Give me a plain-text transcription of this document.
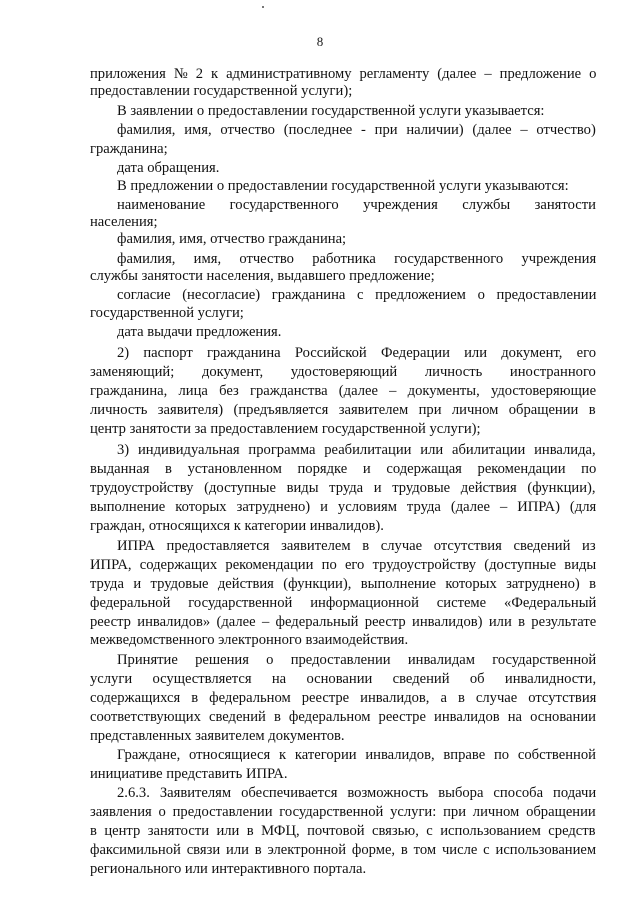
8
приложения № 2 к административному регламенту (далее – предложение о
предоставлении государственной услуги);
В заявлении о предоставлении государственной услуги указывается:
фамилия, имя, отчество (последнее - при наличии) (далее – отчество)
гражданина;
дата обращения.
В предложении о предоставлении государственной услуги указываются:
наименование государственного учреждения службы занятости
населения;
фамилия, имя, отчество гражданина;
фамилия, имя, отчество работника государственного учреждения
службы занятости населения, выдавшего предложение;
согласие (несогласие) гражданина с предложением о предоставлении
государственной услуги;
дата выдачи предложения.
2) паспорт гражданина Российской Федерации или документ, его
заменяющий; документ, удостоверяющий личность иностранного
гражданина, лица без гражданства (далее – документы, удостоверяющие
личность заявителя) (предъявляется заявителем при личном обращении в
центр занятости за предоставлением государственной услуги);
3) индивидуальная программа реабилитации или абилитации инвалида,
выданная в установленном порядке и содержащая рекомендации по
трудоустройству (доступные виды труда и трудовые действия (функции),
выполнение которых затруднено) и условиям труда (далее – ИПРА) (для
граждан, относящихся к категории инвалидов).
ИПРА предоставляется заявителем в случае отсутствия сведений из
ИПРА, содержащих рекомендации по его трудоустройству (доступные виды
труда и трудовые действия (функции), выполнение которых затруднено) в
федеральной государственной информационной системе «Федеральный
реестр инвалидов» (далее – федеральный реестр инвалидов) или в результате
межведомственного электронного взаимодействия.
Принятие решения о предоставлении инвалидам государственной
услуги осуществляется на основании сведений об инвалидности,
содержащихся в федеральном реестре инвалидов, а в случае отсутствия
соответствующих сведений в федеральном реестре инвалидов на основании
представленных заявителем документов.
Граждане, относящиеся к категории инвалидов, вправе по собственной
инициативе представить ИПРА.
2.6.3. Заявителям обеспечивается возможность выбора способа подачи
заявления о предоставлении государственной услуги: при личном обращении
в центр занятости или в МФЦ, почтовой связью, с использованием средств
факсимильной связи или в электронной форме, в том числе с использованием
регионального или интерактивного портала.
